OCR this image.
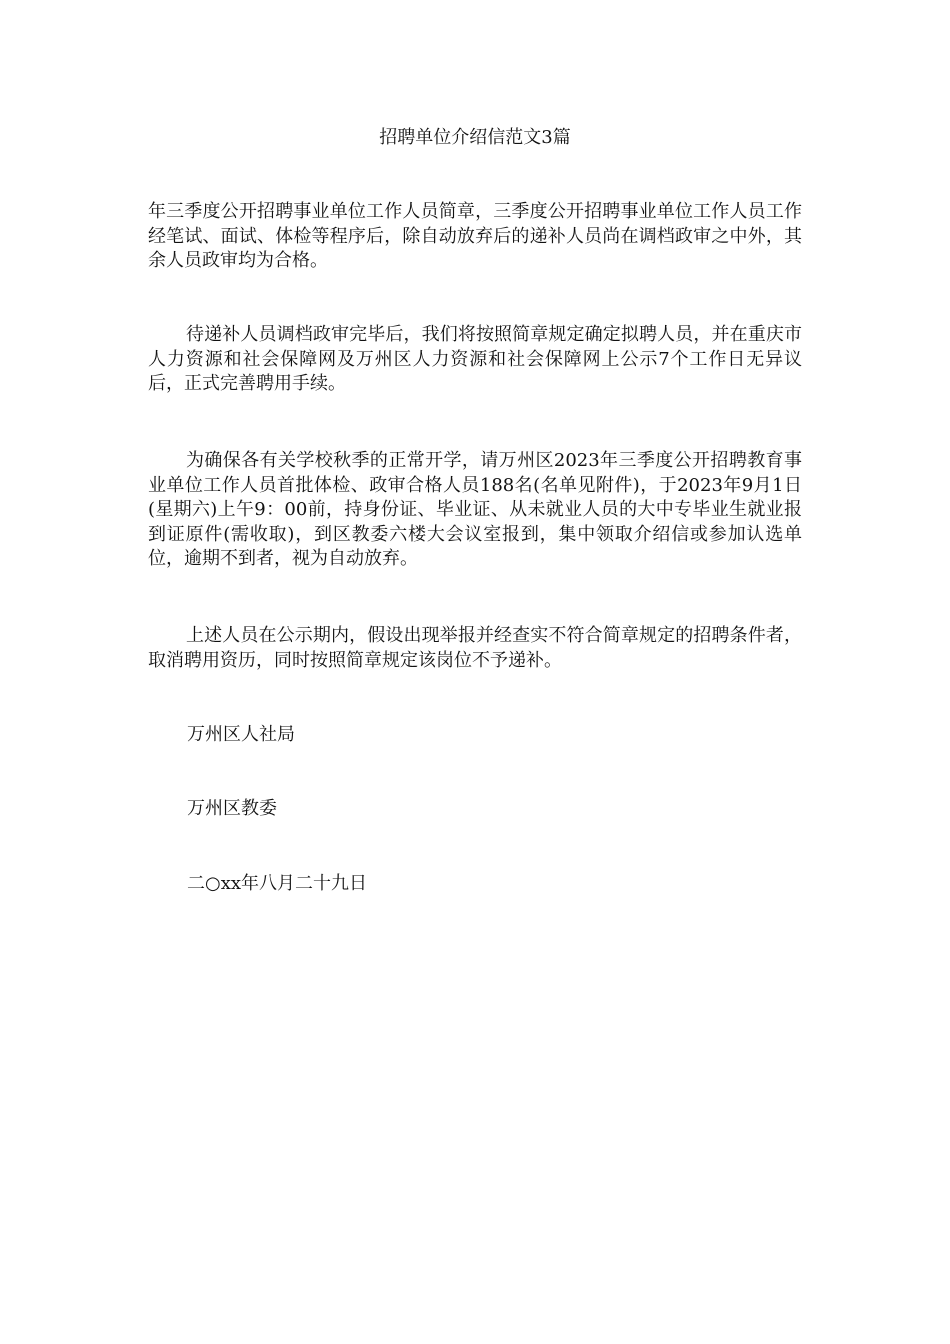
招聘单位介绍信范文3篇
年三季度公开招聘事业单位工作人员简章，三季度公开招聘事业单位工作人员工作经笔试、面试、体检等程序后，除自动放弃后的递补人员尚在调档政审之中外，其余人员政审均为合格。
待递补人员调档政审完毕后，我们将按照简章规定确定拟聘人员，并在重庆市人力资源和社会保障网及万州区人力资源和社会保障网上公示7个工作日无异议后，正式完善聘用手续。
为确保各有关学校秋季的正常开学，请万州区2023年三季度公开招聘教育事业单位工作人员首批体检、政审合格人员188名(名单见附件)，于2023年9月1日(星期六)上午9：00前，持身份证、毕业证、从未就业人员的大中专毕业生就业报到证原件(需收取)，到区教委六楼大会议室报到，集中领取介绍信或参加认选单位，逾期不到者，视为自动放弃。
上述人员在公示期内，假设出现举报并经查实不符合简章规定的招聘条件者，取消聘用资历，同时按照简章规定该岗位不予递补。
万州区人社局
万州区教委
二○xx年八月二十九日
